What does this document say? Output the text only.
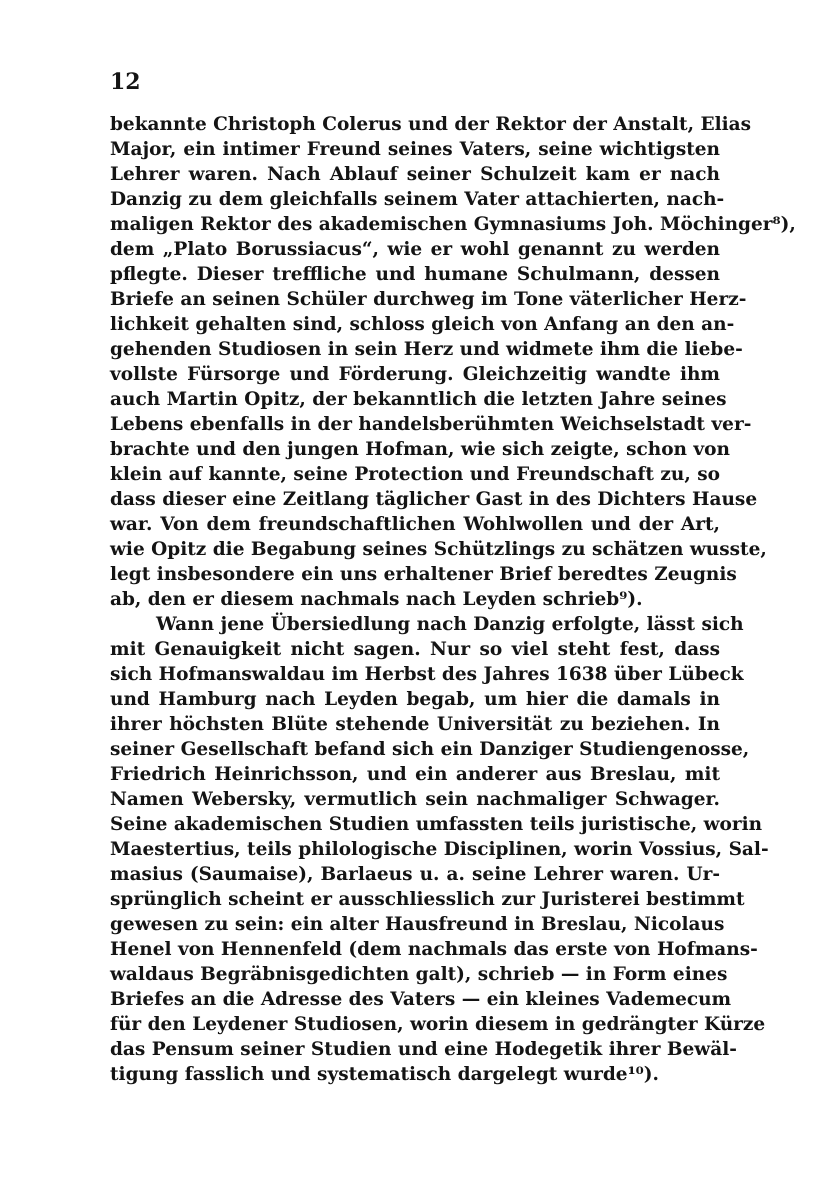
12

bekannte Christoph Colerus und der Rektor der Anstalt, Elias
Major, ein intimer Freund seines Vaters, seine wichtigsten
Lehrer waren. Nach Ablauf seiner Schulzeit kam er nach
Danzig zu dem gleichfalls seinem Vater attachierten, nach-
maligen Rektor des akademischen Gymnasiums Joh. Möchinger⁸),
dem „Plato Borussiacus“, wie er wohl genannt zu werden
pflegte. Dieser treffliche und humane Schulmann, dessen
Briefe an seinen Schüler durchweg im Tone väterlicher Herz-
lichkeit gehalten sind, schloss gleich von Anfang an den an-
gehenden Studiosen in sein Herz und widmete ihm die liebe-
vollste Fürsorge und Förderung. Gleichzeitig wandte ihm
auch Martin Opitz, der bekanntlich die letzten Jahre seines
Lebens ebenfalls in der handelsberühmten Weichselstadt ver-
brachte und den jungen Hofman, wie sich zeigte, schon von
klein auf kannte, seine Protection und Freundschaft zu, so
dass dieser eine Zeitlang täglicher Gast in des Dichters Hause
war. Von dem freundschaftlichen Wohlwollen und der Art,
wie Opitz die Begabung seines Schützlings zu schätzen wusste,
legt insbesondere ein uns erhaltener Brief beredtes Zeugnis
ab, den er diesem nachmals nach Leyden schrieb⁹).
Wann jene Übersiedlung nach Danzig erfolgte, lässt sich
mit Genauigkeit nicht sagen. Nur so viel steht fest, dass
sich Hofmanswaldau im Herbst des Jahres 1638 über Lübeck
und Hamburg nach Leyden begab, um hier die damals in
ihrer höchsten Blüte stehende Universität zu beziehen. In
seiner Gesellschaft befand sich ein Danziger Studiengenosse,
Friedrich Heinrichsson, und ein anderer aus Breslau, mit
Namen Webersky, vermutlich sein nachmaliger Schwager.
Seine akademischen Studien umfassten teils juristische, worin
Maestertius, teils philologische Disciplinen, worin Vossius, Sal-
masius (Saumaise), Barlaeus u. a. seine Lehrer waren. Ur-
sprünglich scheint er ausschliesslich zur Juristerei bestimmt
gewesen zu sein: ein alter Hausfreund in Breslau, Nicolaus
Henel von Hennenfeld (dem nachmals das erste von Hofmans-
waldaus Begräbnisgedichten galt), schrieb — in Form eines
Briefes an die Adresse des Vaters — ein kleines Vademecum
für den Leydener Studiosen, worin diesem in gedrängter Kürze
das Pensum seiner Studien und eine Hodegetik ihrer Bewäl-
tigung fasslich und systematisch dargelegt wurde¹⁰).
